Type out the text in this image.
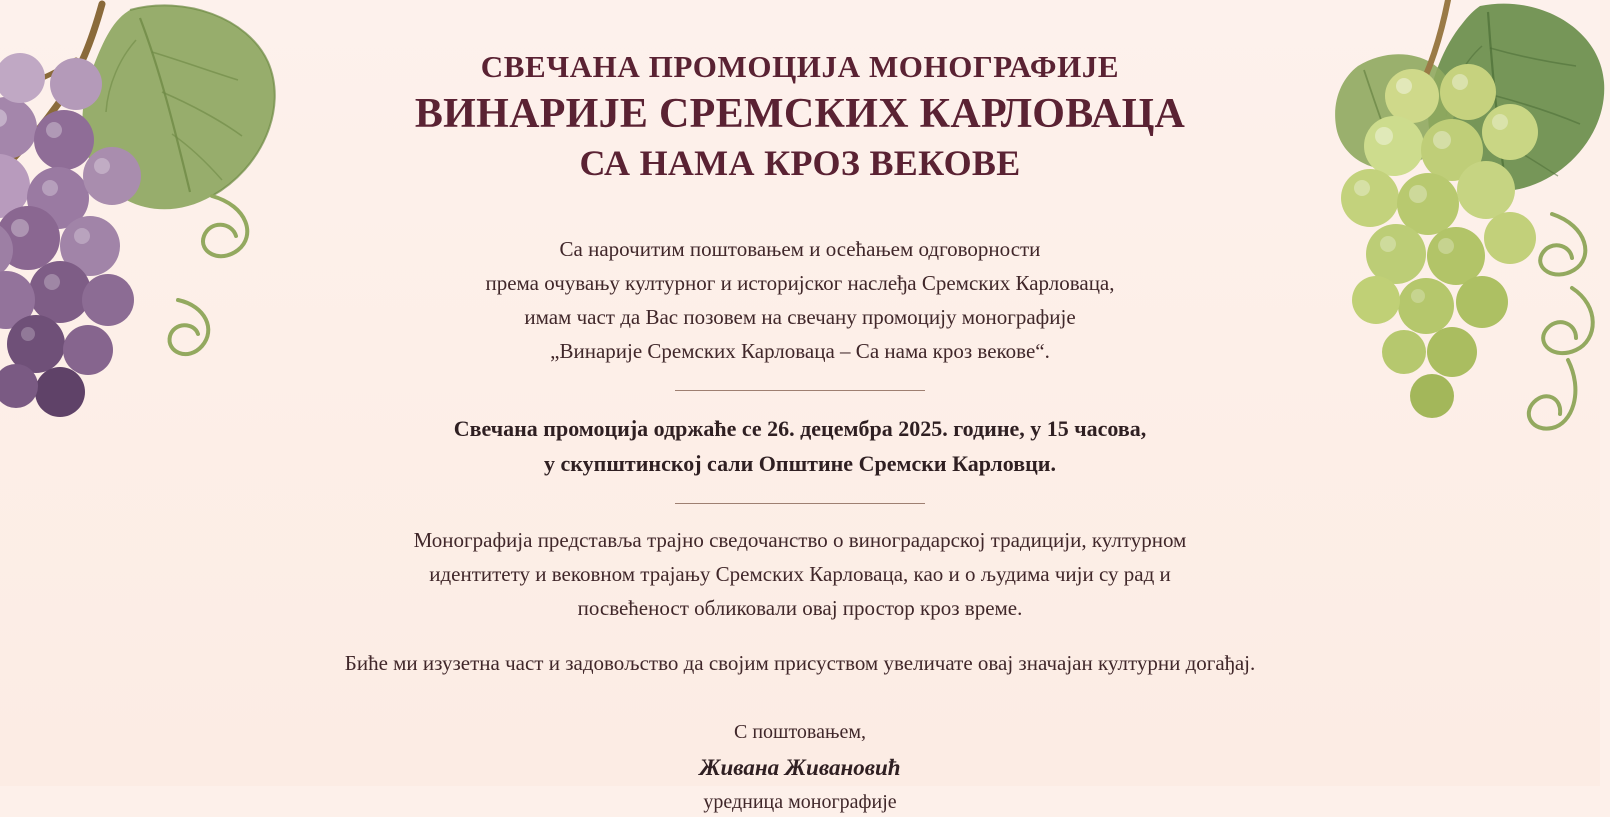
СВЕЧАНА ПРОМОЦИЈА МОНОГРАФИЈЕ
ВИНАРИЈЕ СРЕМСКИХ КАРЛОВАЦА
СА НАМА КРОЗ ВЕКОВЕ
Са нарочитим поштовањем и осећањем одговорности
према очувању културног и историјског наслеђа Сремских Карловаца,
имам част да Вас позовем на свечану промоцију монографије
„Винарије Сремских Карловаца – Са нама кроз векове“.
Свечана промоција одржаће се 26. децембра 2025. године, у 15 часова,
у скупштинској сали Општине Сремски Карловци.
Монографија представља трајно сведочанство о виноградарској традицији, културном
идентитету и вековном трајању Сремских Карловаца, као и о људима чији су рад и
посвећеност обликовали овај простор кроз време.
Биће ми изузетна част и задовољство да својим присуством увеличате овај значајан културни догађај.
С поштовањем,
Живана Живановић
уредница монографије
